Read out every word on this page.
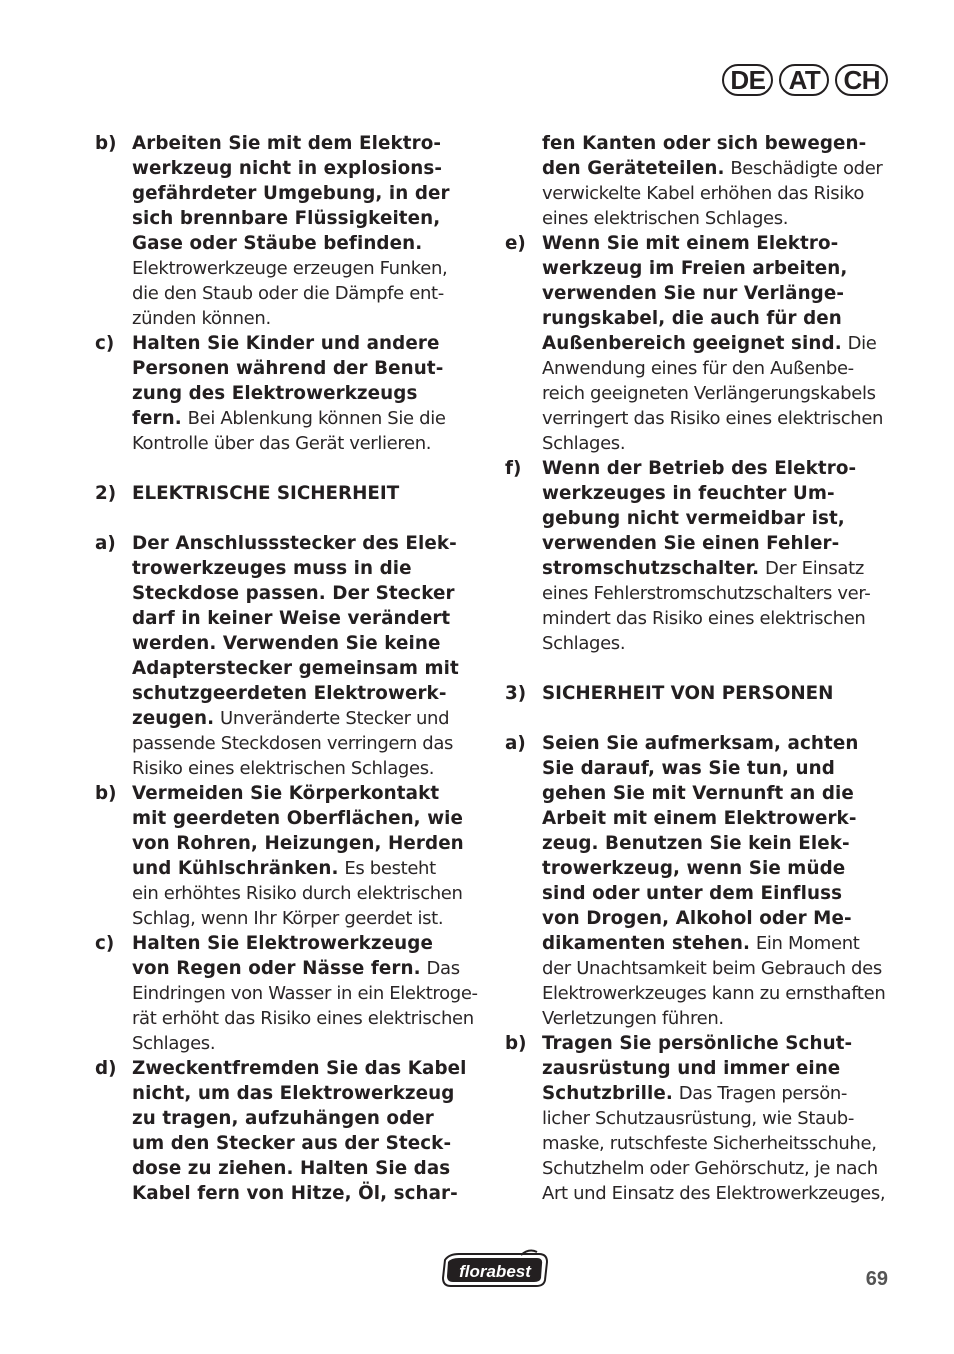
DE AT CH
b) Arbeiten Sie mit dem Elektro-
werkzeug nicht in explosions-
gefährdeter Umgebung, in der
sich brennbare Flüssigkeiten,
Gase oder Stäube befinden. Elektrowerkzeuge erzeugen Funken,
die den Staub oder die Dämpfe ent-
zünden können.
c) Halten Sie Kinder und andere
Personen während der Benut-
zung des Elektrowerkzeugs
fern. Bei Ablenkung können Sie die
Kontrolle über das Gerät verlieren.
2) ELEKTRISCHE SICHERHEIT
a) Der Anschlussstecker des Elek-
trowerkzeuges muss in die
Steckdose passen. Der Stecker
darf in keiner Weise verändert
werden. Verwenden Sie keine
Adapterstecker gemeinsam mit
schutzgeerdeten Elektrowerk-
zeugen. Unveränderte Stecker und
passende Steckdosen verringern das
Risiko eines elektrischen Schlages.
b) Vermeiden Sie Körperkontakt
mit geerdeten Oberflächen, wie
von Rohren, Heizungen, Herden
und Kühlschränken. Es besteht
ein erhöhtes Risiko durch elektrischen
Schlag, wenn Ihr Körper geerdet ist.
c) Halten Sie Elektrowerkzeuge
von Regen oder Nässe fern. Das
Eindringen von Wasser in ein Elektroge-
rät erhöht das Risiko eines elektrischen
Schlages.
d) Zweckentfremden Sie das Kabel
nicht, um das Elektrowerkzeug
zu tragen, aufzuhängen oder
um den Stecker aus der Steck-
dose zu ziehen. Halten Sie das
Kabel fern von Hitze, Öl, schar-
fen Kanten oder sich bewegen-
den Geräteteilen. Beschädigte oder
verwickelte Kabel erhöhen das Risiko
eines elektrischen Schlages.
e) Wenn Sie mit einem Elektro-
werkzeug im Freien arbeiten,
verwenden Sie nur Verlänge-
rungskabel, die auch für den
Außenbereich geeignet sind. Die
Anwendung eines für den Außenbe-
reich geeigneten Verlängerungskabels
verringert das Risiko eines elektrischen
Schlages.
f)	Wenn der Betrieb des Elektro-
werkzeuges in feuchter Um-
gebung nicht vermeidbar ist,
verwenden Sie einen Fehler-
stromschutzschalter. Der Einsatz
eines Fehlerstromschutzschalters ver-
mindert das Risiko eines elektrischen
Schlages.
3) SICHERHEIT VON PERSONEN
a) Seien Sie aufmerksam, achten
Sie darauf, was Sie tun, und
gehen Sie mit Vernunft an die
Arbeit mit einem Elektrowerk-
zeug. Benutzen Sie kein Elek-
trowerkzeug, wenn Sie müde
sind oder unter dem Einfluss
von Drogen, Alkohol oder Me-
dikamenten stehen. Ein Moment
der Unachtsamkeit beim Gebrauch des
Elektrowerkzeuges kann zu ernsthaften
Verletzungen führen.
b) Tragen Sie persönliche Schut-
zausrüstung und immer eine
Schutzbrille. Das Tragen persön-
licher Schutzausrüstung, wie Staub-
maske, rutschfeste Sicherheitsschuhe,
Schutzhelm oder Gehörschutz, je nach
Art und Einsatz des Elektrowerkzeuges,
florabest	69
